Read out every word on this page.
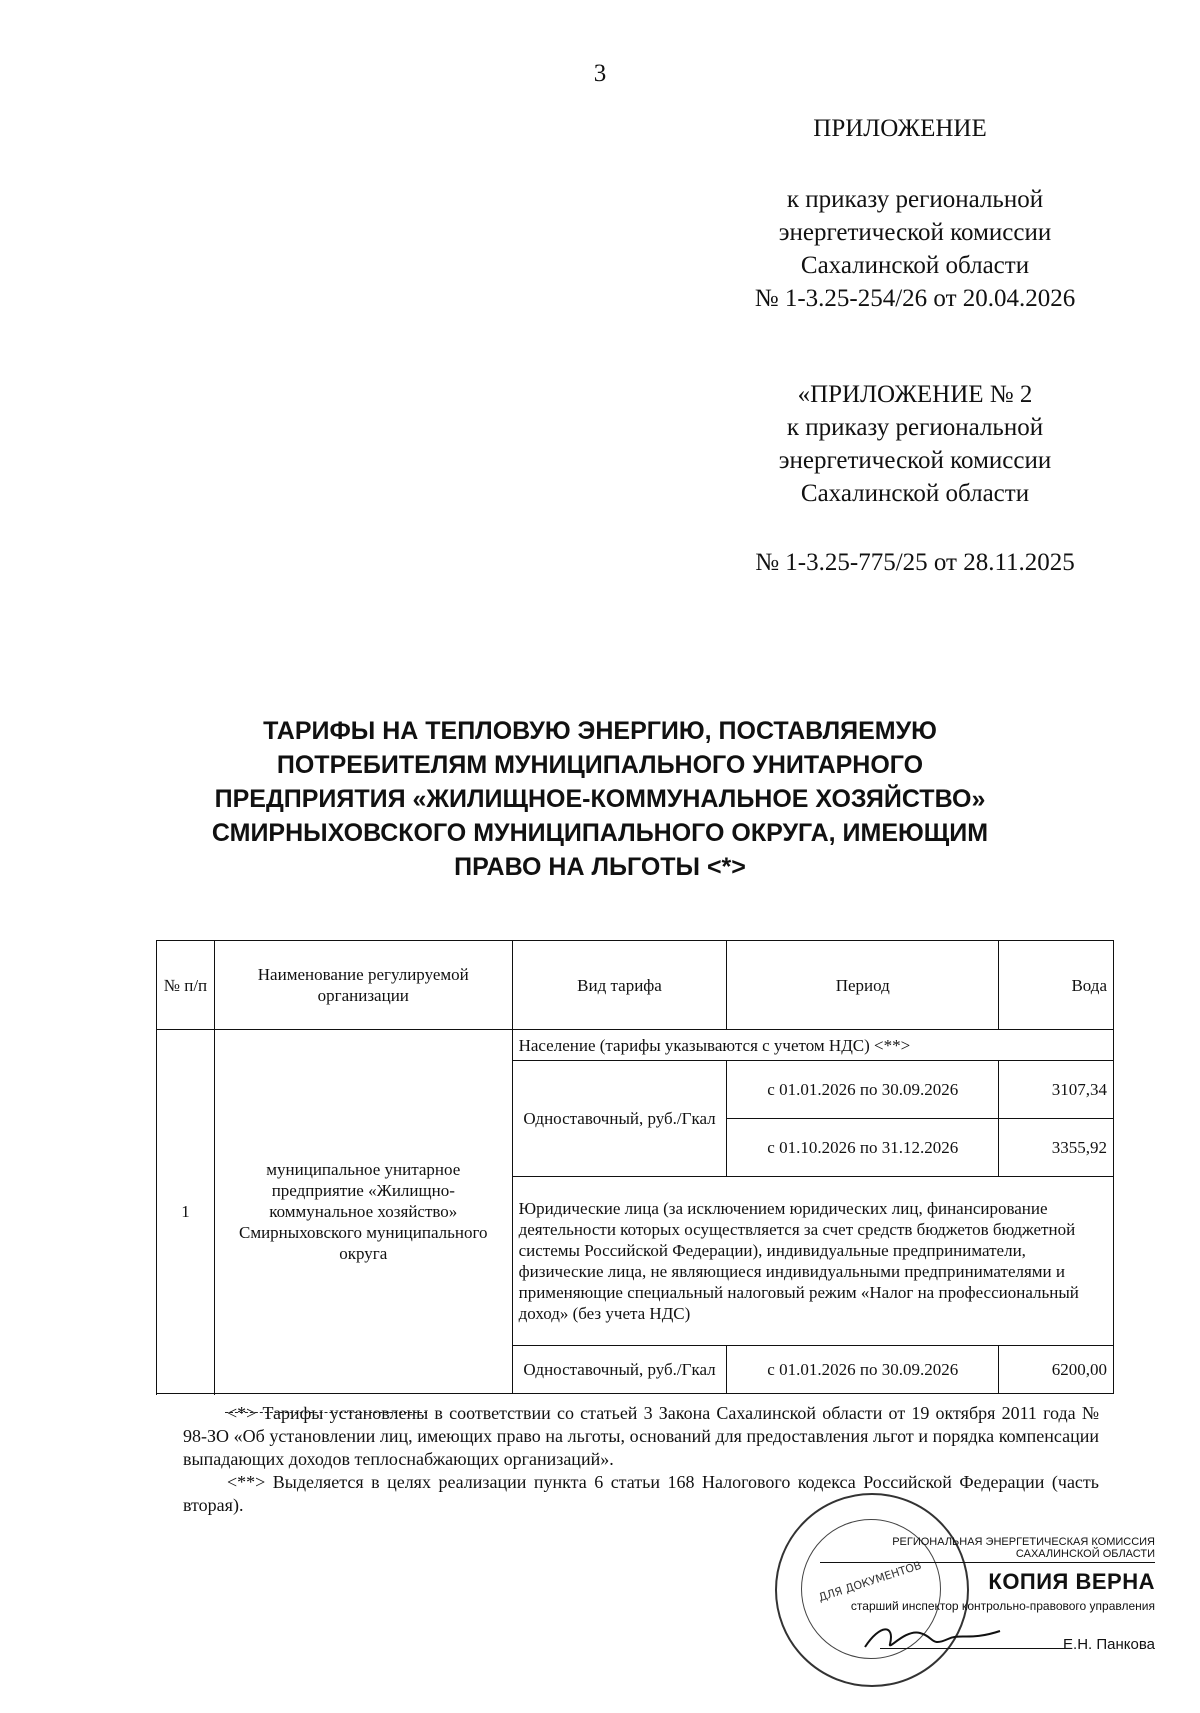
3
ПРИЛОЖЕНИЕ
к приказу региональной
энергетической комиссии
Сахалинской области
№ 1-3.25-254/26 от 20.04.2026
«ПРИЛОЖЕНИЕ № 2
к приказу региональной
энергетической комиссии
Сахалинской области
№ 1-3.25-775/25 от 28.11.2025
ТАРИФЫ НА ТЕПЛОВУЮ ЭНЕРГИЮ, ПОСТАВЛЯЕМУЮ
ПОТРЕБИТЕЛЯМ МУНИЦИПАЛЬНОГО УНИТАРНОГО
ПРЕДПРИЯТИЯ «ЖИЛИЩНОЕ-КОММУНАЛЬНОЕ ХОЗЯЙСТВО»
СМИРНЫХОВСКОГО МУНИЦИПАЛЬНОГО ОКРУГА, ИМЕЮЩИМ
ПРАВО НА ЛЬГОТЫ <*>
№ п/п	Наименование регулируемой организации	Вид тарифа	Период	Вода
1	муниципальное унитарное предприятие «Жилищно-коммунальное хозяйство» Смирныховского муниципального округа	Население (тарифы указываются с учетом НДС) <**>		
		Одноставочный, руб./Гкал	с 01.01.2026 по 30.09.2026	3107,34
			с 01.10.2026 по 31.12.2026	3355,92
		Юридические лица (за исключением юридических лиц, финансирование деятельности которых осуществляется за счет средств бюджетов бюджетной системы Российской Федерации), индивидуальные предприниматели, физические лица, не являющиеся индивидуальными предпринимателями и применяющие специальный налоговый режим «Налог на профессиональный доход» (без учета НДС)		
		Одноставочный, руб./Гкал	с 01.01.2026 по 30.09.2026	6200,00

<*> Тарифы установлены в соответствии со статьей 3 Закона Сахалинской области от 19 октября 2011 года № 98-ЗО «Об установлении лиц, имеющих право на льготы, оснований для предоставления льгот и порядка компенсации выпадающих доходов теплоснабжающих организаций».

<**> Выделяется в целях реализации пункта 6 статьи 168 Налогового кодекса Российской Федерации (часть вторая).

ДЛЯ ДОКУМЕНТОВ
РЕГИОНАЛЬНАЯ ЭНЕРГЕТИЧЕСКАЯ КОМИССИЯ САХАЛИНСКОЙ ОБЛАСТИ
КОПИЯ ВЕРНА
старший инспектор контрольно-правового управления
Е.Н. Панкова
